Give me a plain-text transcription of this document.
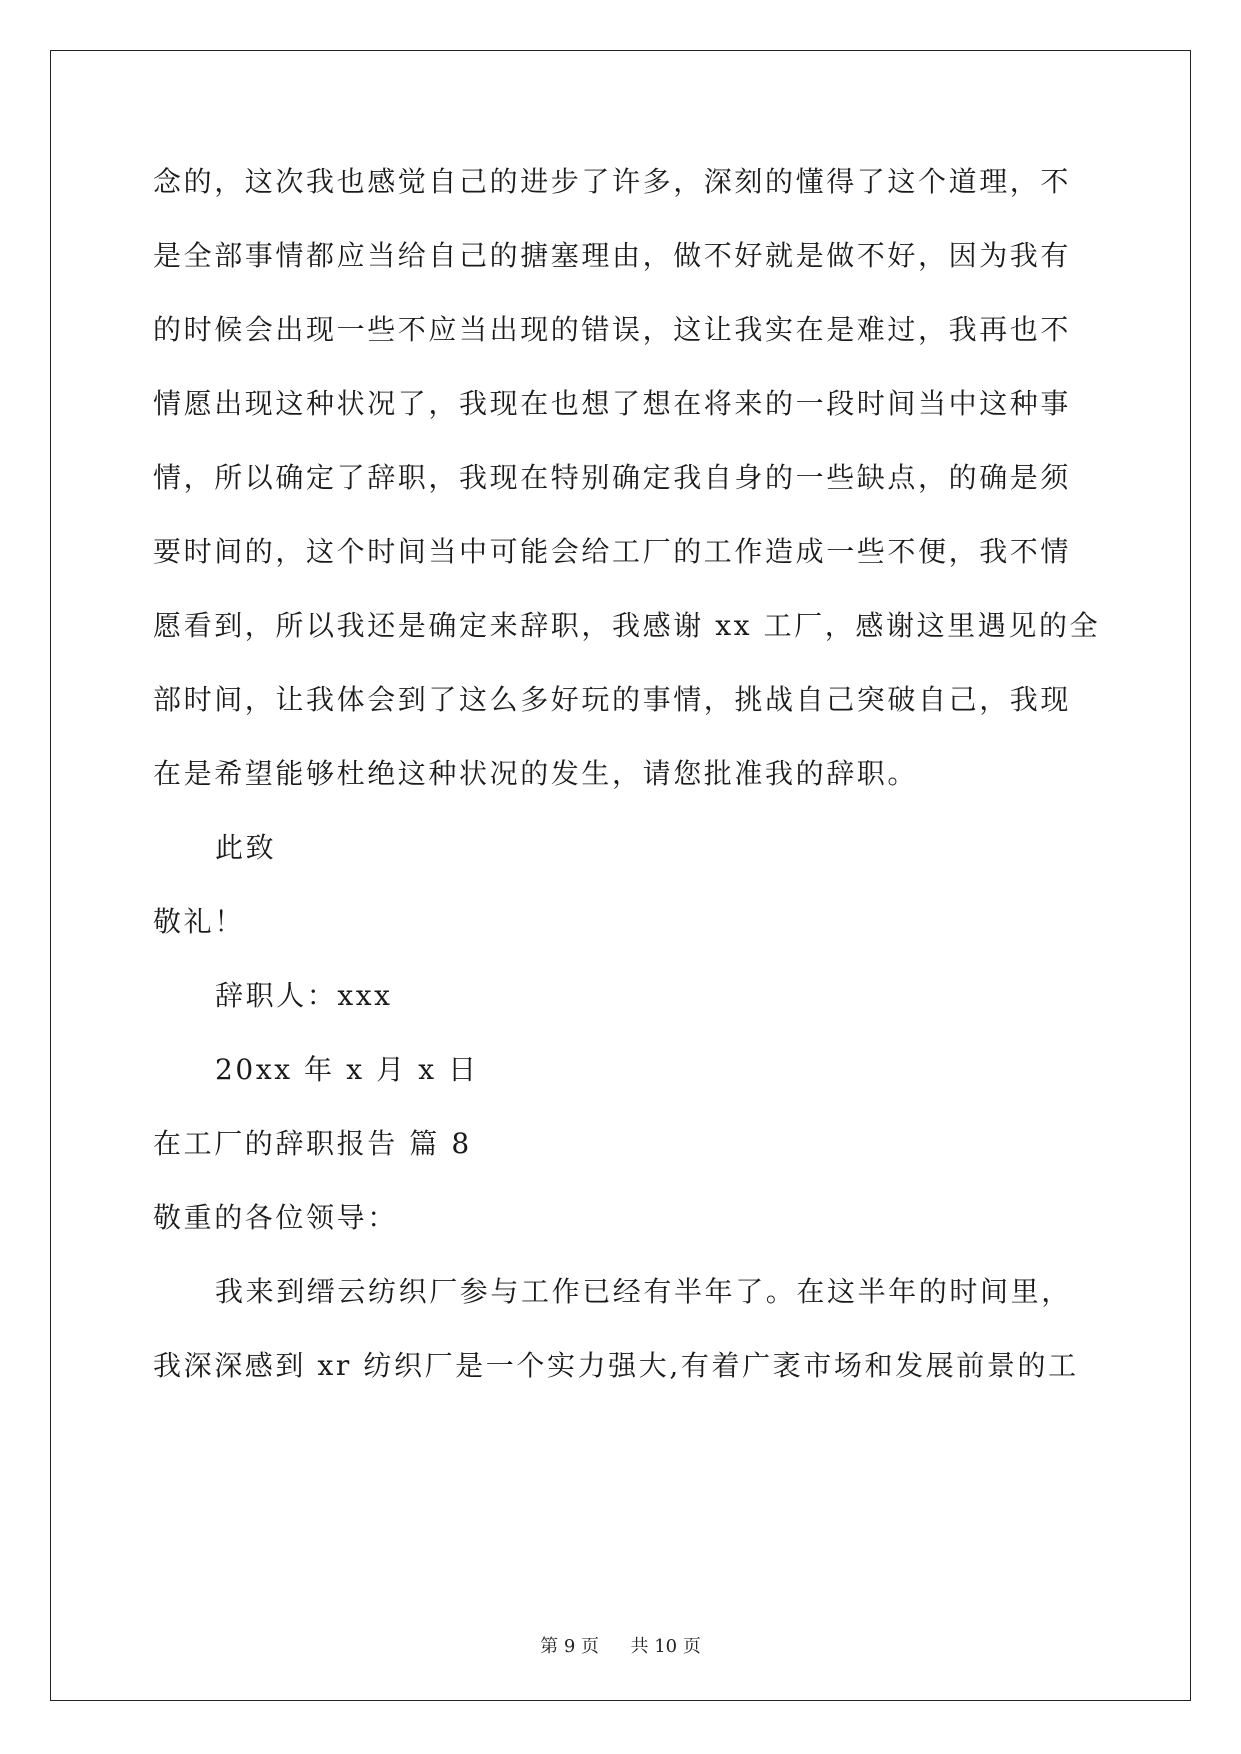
念的，这次我也感觉自己的进步了许多，深刻的懂得了这个道理，不
是全部事情都应当给自己的搪塞理由，做不好就是做不好，因为我有
的时候会出现一些不应当出现的错误，这让我实在是难过，我再也不
情愿出现这种状况了，我现在也想了想在将来的一段时间当中这种事
情，所以确定了辞职，我现在特别确定我自身的一些缺点，的确是须
要时间的，这个时间当中可能会给工厂的工作造成一些不便，我不情
愿看到，所以我还是确定来辞职，我感谢 xx 工厂，感谢这里遇见的全
部时间，让我体会到了这么多好玩的事情，挑战自己突破自己，我现
在是希望能够杜绝这种状况的发生，请您批准我的辞职。
此致
敬礼！
辞职人：xxx
20xx 年 x 月 x 日
在工厂的辞职报告 篇 8
敬重的各位领导：
我来到缙云纺织厂参与工作已经有半年了。在这半年的时间里，
我深深感到 xr 纺织厂是一个实力强大,有着广袤市场和发展前景的工
第 9 页 共 10 页
